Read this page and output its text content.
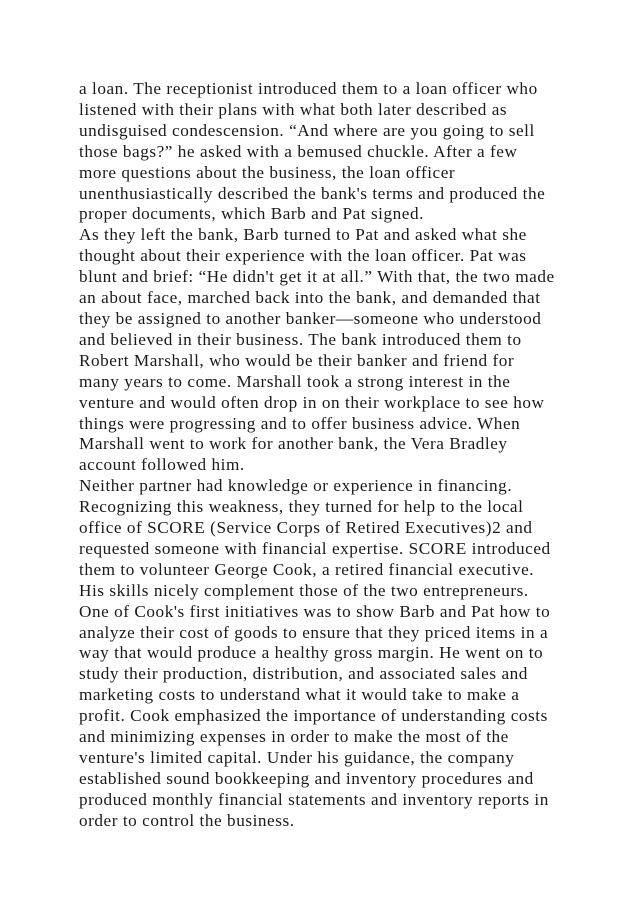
a loan. The receptionist introduced them to a loan officer who
listened with their plans with what both later described as
undisguised condescension. “And where are you going to sell
those bags?” he asked with a bemused chuckle. After a few
more questions about the business, the loan officer
unenthusiastically described the bank's terms and produced the
proper documents, which Barb and Pat signed.
As they left the bank, Barb turned to Pat and asked what she
thought about their experience with the loan officer. Pat was
blunt and brief: “He didn't get it at all.” With that, the two made
an about face, marched back into the bank, and demanded that
they be assigned to another banker—someone who understood
and believed in their business. The bank introduced them to
Robert Marshall, who would be their banker and friend for
many years to come. Marshall took a strong interest in the
venture and would often drop in on their workplace to see how
things were progressing and to offer business advice. When
Marshall went to work for another bank, the Vera Bradley
account followed him.
Neither partner had knowledge or experience in financing.
Recognizing this weakness, they turned for help to the local
office of SCORE (Service Corps of Retired Executives)2 and
requested someone with financial expertise. SCORE introduced
them to volunteer George Cook, a retired financial executive.
His skills nicely complement those of the two entrepreneurs.
One of Cook's first initiatives was to show Barb and Pat how to
analyze their cost of goods to ensure that they priced items in a
way that would produce a healthy gross margin. He went on to
study their production, distribution, and associated sales and
marketing costs to understand what it would take to make a
profit. Cook emphasized the importance of understanding costs
and minimizing expenses in order to make the most of the
venture's limited capital. Under his guidance, the company
established sound bookkeeping and inventory procedures and
produced monthly financial statements and inventory reports in
order to control the business.
